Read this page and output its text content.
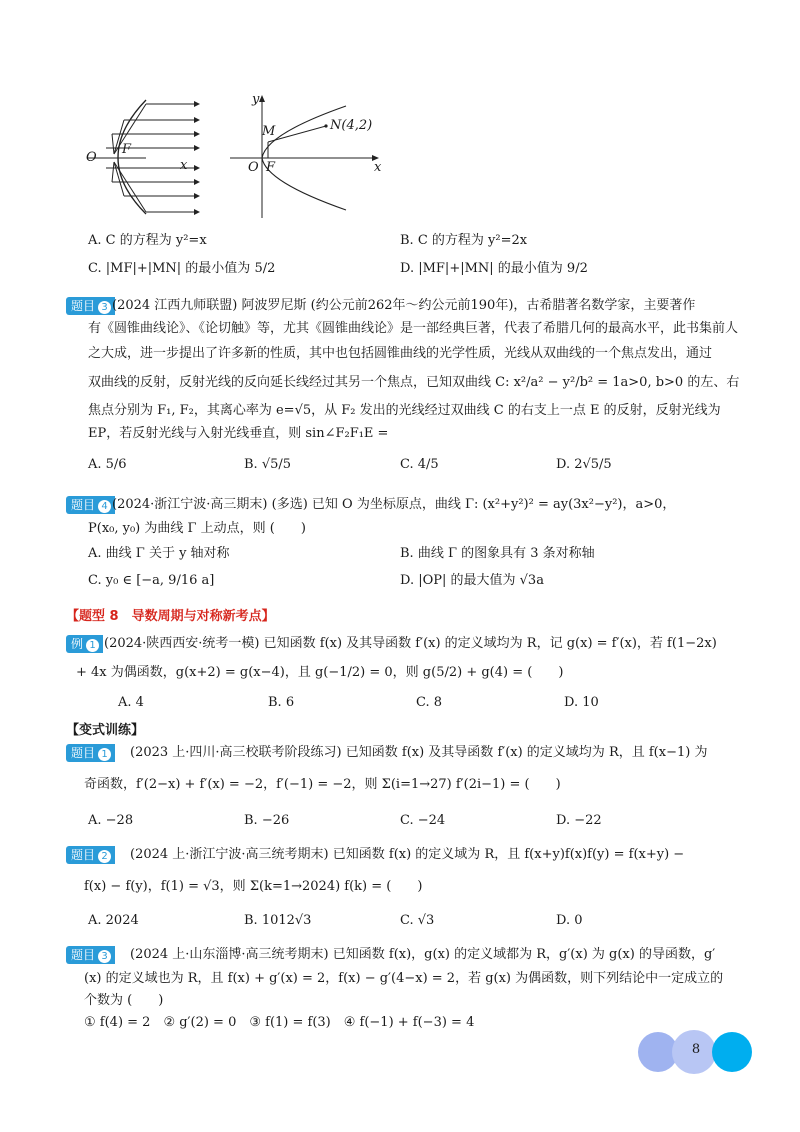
O
F
x
y
M	N(4,2)
O F	x
A. C 的方程为 y²=x	B. C 的方程为 y²=2x
C. |MF|+|MN| 的最小值为 5/2	D. |MF|+|MN| 的最小值为 9/2
题目 3 (2024 江西九师联盟) 阿波罗尼斯 (约公元前262年～约公元前190年)，古希腊著名数学家，主要著作
有《圆锥曲线论》、《论切触》等，尤其《圆锥曲线论》是一部经典巨著，代表了希腊几何的最高水平，此书集前人
之大成，进一步提出了许多新的性质，其中也包括圆锥曲线的光学性质，光线从双曲线的一个焦点发出，通过
双曲线的反射，反射光线的反向延长线经过其另一个焦点，已知双曲线 C: x²/a² − y²/b² = 1a>0, b>0 的左、右
焦点分别为 F₁, F₂，其离心率为 e=√5，从 F₂ 发出的光线经过双曲线 C 的右支上一点 E 的反射，反射光线为
EP，若反射光线与入射光线垂直，则 sin∠F₂F₁E =
A. 5/6	B. √5/5	C. 4/5	D. 2√5/5
题目 4 (2024·浙江宁波·高三期末) (多选) 已知 O 为坐标原点，曲线 Γ: (x²+y²)² = ay(3x²−y²)，a>0，
P(x₀, y₀) 为曲线 Γ 上动点，则 (　　)
A. 曲线 Γ 关于 y 轴对称	B. 曲线 Γ 的图象具有 3 条对称轴
C. y₀ ∈ [−a, 9/16 a]	D. |OP| 的最大值为 √3a
【题型 8　导数周期与对称新考点】
例 1 (2024·陕西西安·统考一模) 已知函数 f(x) 及其导函数 f′(x) 的定义域均为 R，记 g(x) = f′(x)，若 f(1−2x)
+ 4x 为偶函数，g(x+2) = g(x−4)，且 g(−1/2) = 0，则 g(5/2) + g(4) = (　　)
A. 4	B. 6	C. 8	D. 10
【变式训练】
题目 1	(2023 上·四川·高三校联考阶段练习) 已知函数 f(x) 及其导函数 f′(x) 的定义域均为 R，且 f(x−1) 为
奇函数，f′(2−x) + f′(x) = −2，f′(−1) = −2，则 Σ(i=1→27) f′(2i−1) = (　　)
A. −28	B. −26	C. −24	D. −22
题目 2	(2024 上·浙江宁波·高三统考期末) 已知函数 f(x) 的定义域为 R，且 f(x+y)f(x)f(y) = f(x+y) −
f(x) − f(y)，f(1) = √3，则 Σ(k=1→2024) f(k) = (　　)
A. 2024	B. 1012√3	C. √3	D. 0
题目 3	(2024 上·山东淄博·高三统考期末) 已知函数 f(x)，g(x) 的定义域都为 R，g′(x) 为 g(x) 的导函数，g′
(x) 的定义域也为 R，且 f(x) + g′(x) = 2，f(x) − g′(4−x) = 2，若 g(x) 为偶函数，则下列结论中一定成立的
个数为 (　　)
① f(4) = 2　② g′(2) = 0　③ f(1) = f(3)　④ f(−1) + f(−3) = 4
8
